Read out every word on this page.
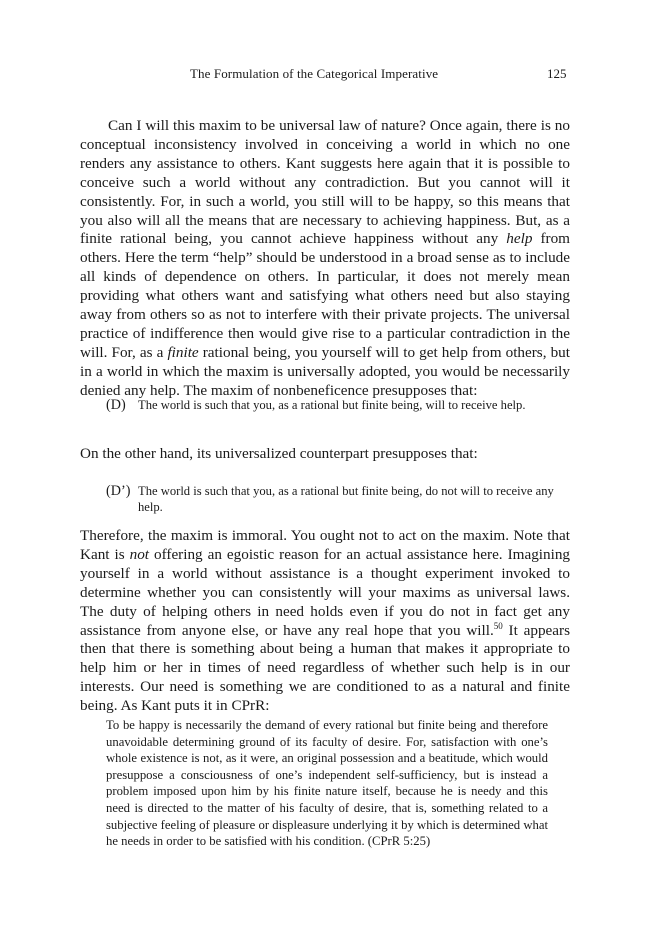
The Formulation of the Categorical Imperative	125

Can I will this maxim to be universal law of nature? Once again, there is no conceptual inconsistency involved in conceiving a world in which no one renders any assistance to others. Kant suggests here again that it is possible to conceive such a world without any contradiction. But you cannot will it consistently. For, in such a world, you still will to be happy, so this means that you also will all the means that are necessary to achieving happiness. But, as a finite rational being, you cannot achieve happiness without any help from others. Here the term “help” should be understood in a broad sense as to include all kinds of dependence on others. In particular, it does not merely mean providing what others want and satisfying what others need but also staying away from others so as not to interfere with their private projects. The universal practice of indifference then would give rise to a particular contradiction in the will. For, as a finite rational being, you yourself will to get help from others, but in a world in which the maxim is universally adopted, you would be necessarily denied any help. The maxim of nonbeneficence presupposes that:

(D) The world is such that you, as a rational but finite being, will to receive help.

On the other hand, its universalized counterpart presupposes that:

(D’) The world is such that you, as a rational but finite being, do not will to receive any help.

Therefore, the maxim is immoral. You ought not to act on the maxim. Note that Kant is not offering an egoistic reason for an actual assistance here. Imagining yourself in a world without assistance is a thought experiment invoked to determine whether you can consistently will your maxims as universal laws. The duty of helping others in need holds even if you do not in fact get any assistance from anyone else, or have any real hope that you will.$^{50}$ It appears then that there is something about being a human that makes it appropriate to help him or her in times of need regardless of whether such help is in our interests. Our need is something we are conditioned to as a natural and finite being. As Kant puts it in CPrR:

To be happy is necessarily the demand of every rational but finite being and therefore unavoidable determining ground of its faculty of desire. For, satisfaction with one’s whole existence is not, as it were, an original possession and a beatitude, which would presuppose a consciousness of one’s independent self-sufficiency, but is instead a problem imposed upon him by his finite nature itself, because he is needy and this need is directed to the matter of his faculty of desire, that is, something related to a subjective feeling of pleasure or displeasure underlying it by which is determined what he needs in order to be satisfied with his condition. (CPrR 5:25)
